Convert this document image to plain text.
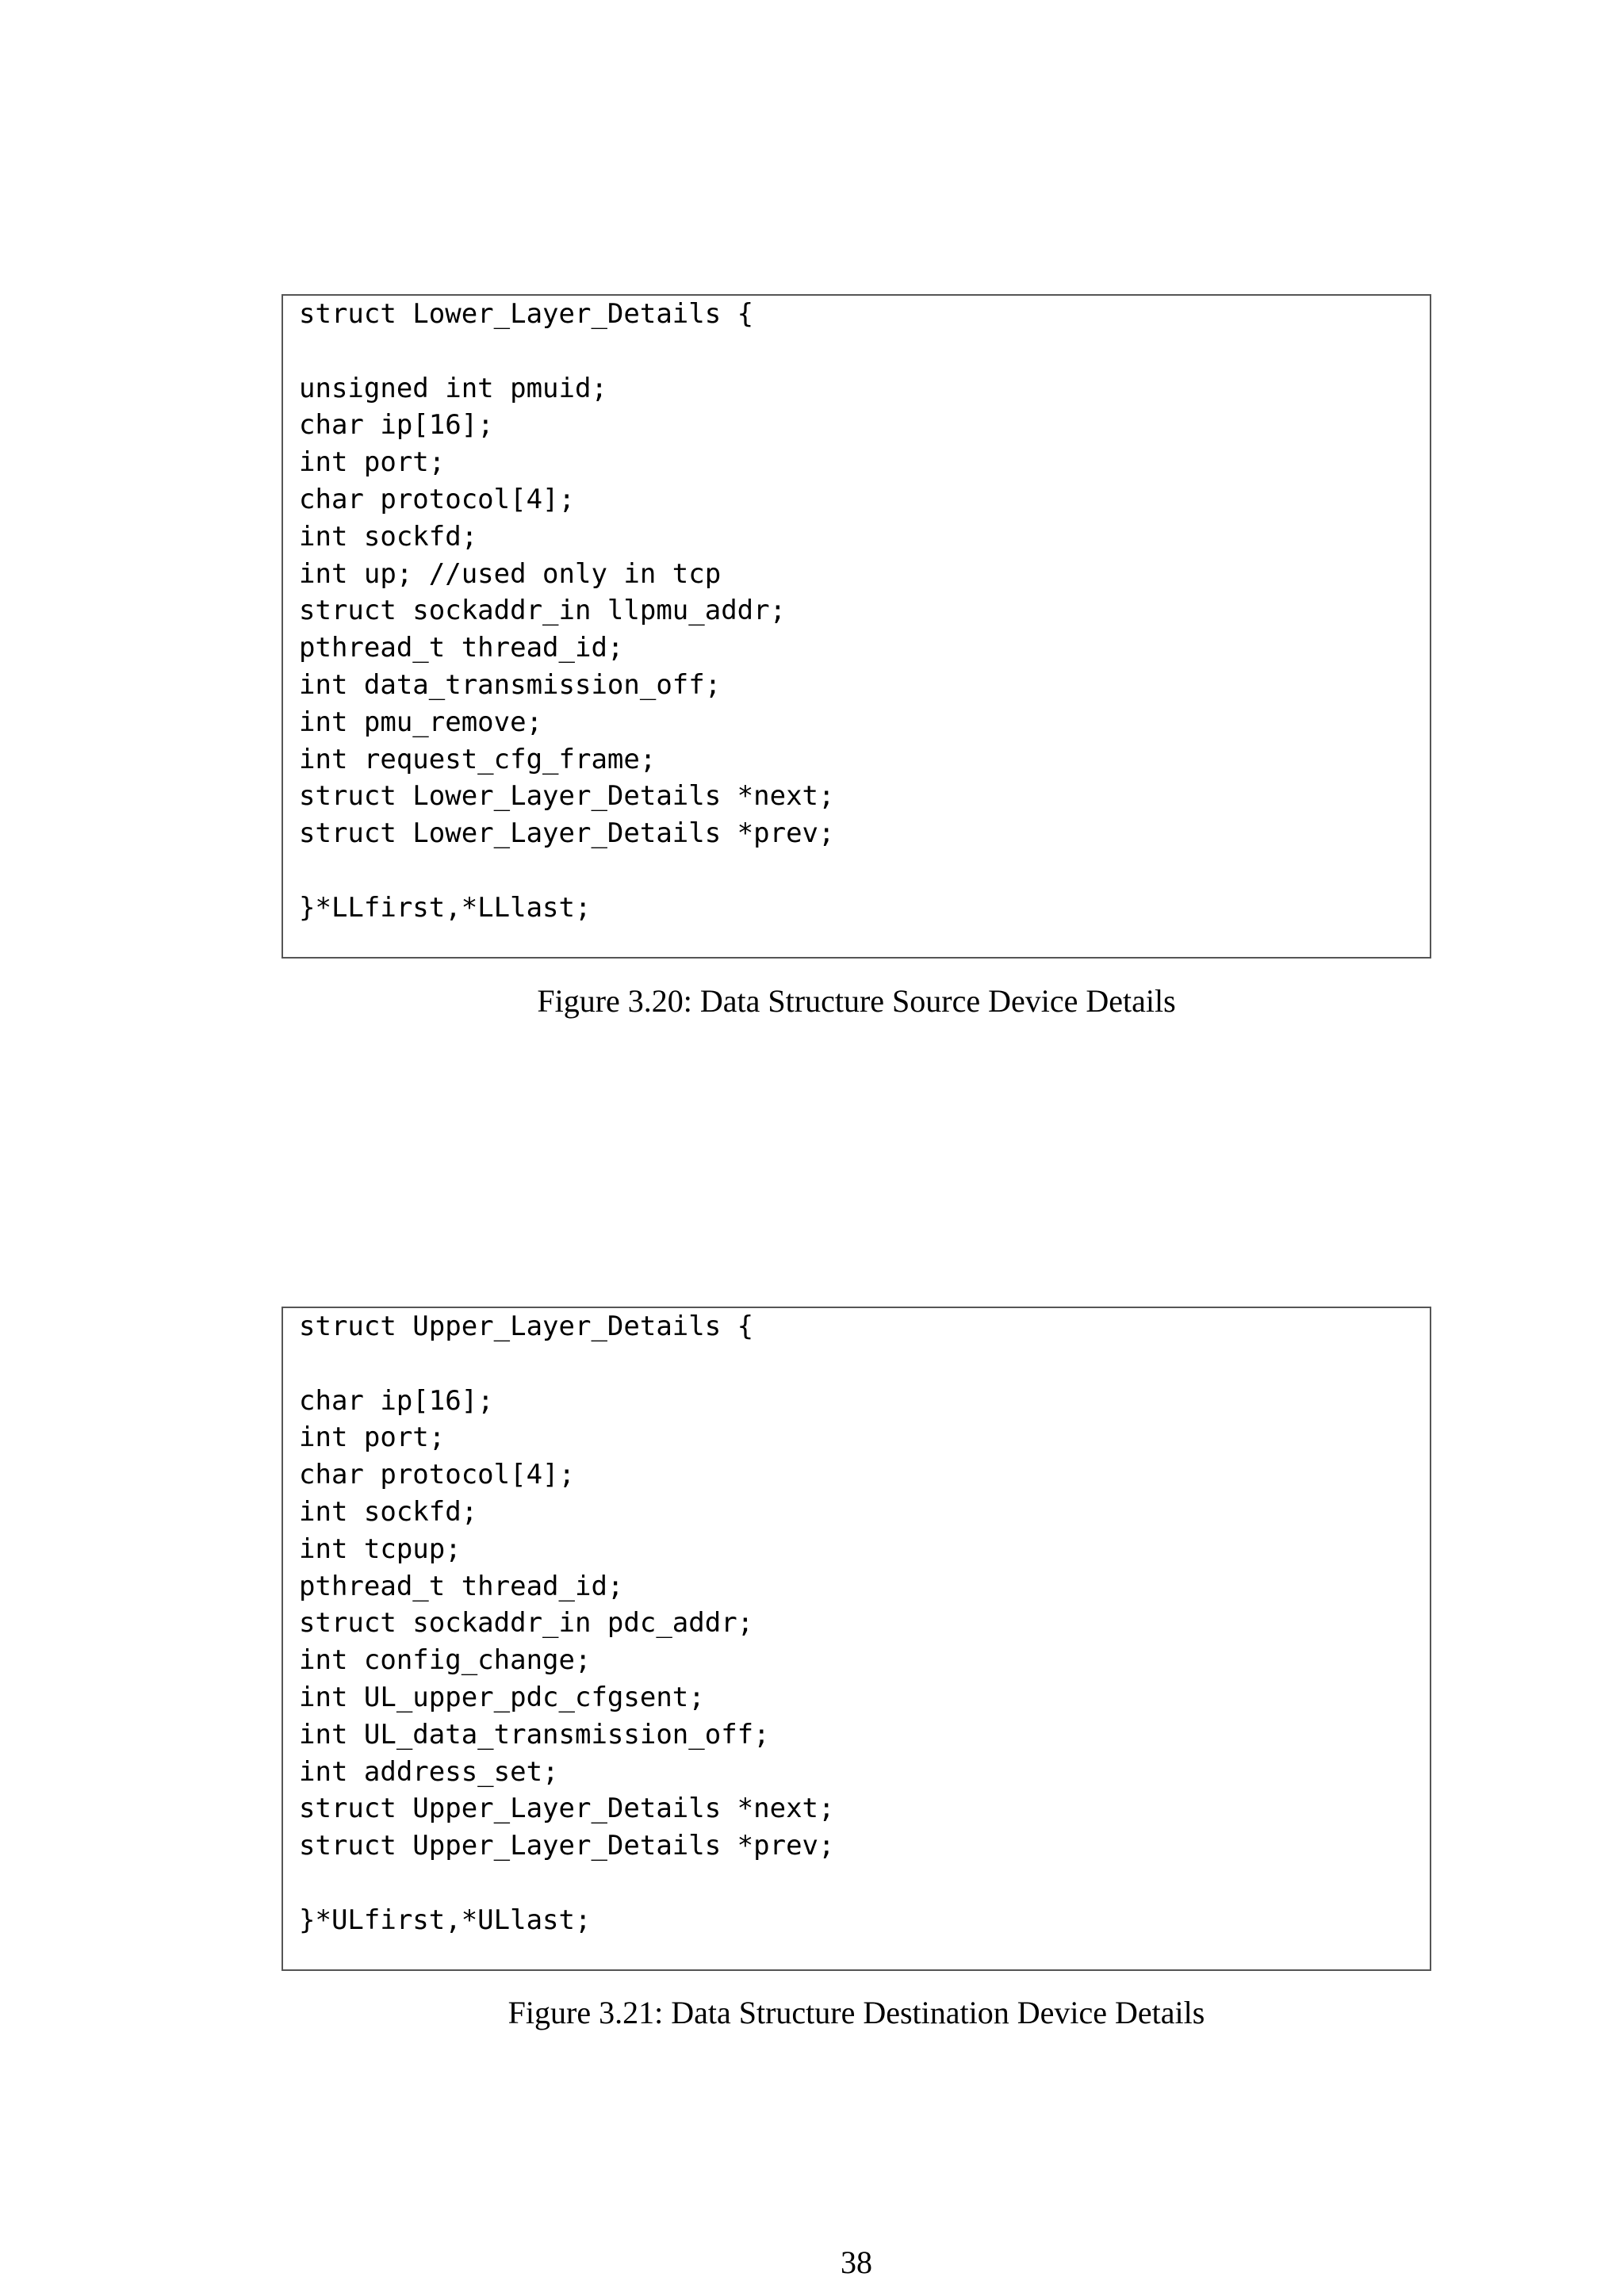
struct Lower_Layer_Details {
unsigned int pmuid;
char ip[16];
int port;
char protocol[4];
int sockfd;
int up; //used only in tcp
struct sockaddr_in llpmu_addr;
pthread_t thread_id;
int data_transmission_off;
int pmu_remove;
int request_cfg_frame;
struct Lower_Layer_Details *next;
struct Lower_Layer_Details *prev;
}*LLfirst,*LLlast;
Figure 3.20: Data Structure Source Device Details
struct Upper_Layer_Details {
char ip[16];
int port;
char protocol[4];
int sockfd;
int tcpup;
pthread_t thread_id;
struct sockaddr_in pdc_addr;
int config_change;
int UL_upper_pdc_cfgsent;
int UL_data_transmission_off;
int address_set;
struct Upper_Layer_Details *next;
struct Upper_Layer_Details *prev;
}*ULfirst,*ULlast;
Figure 3.21: Data Structure Destination Device Details
38
